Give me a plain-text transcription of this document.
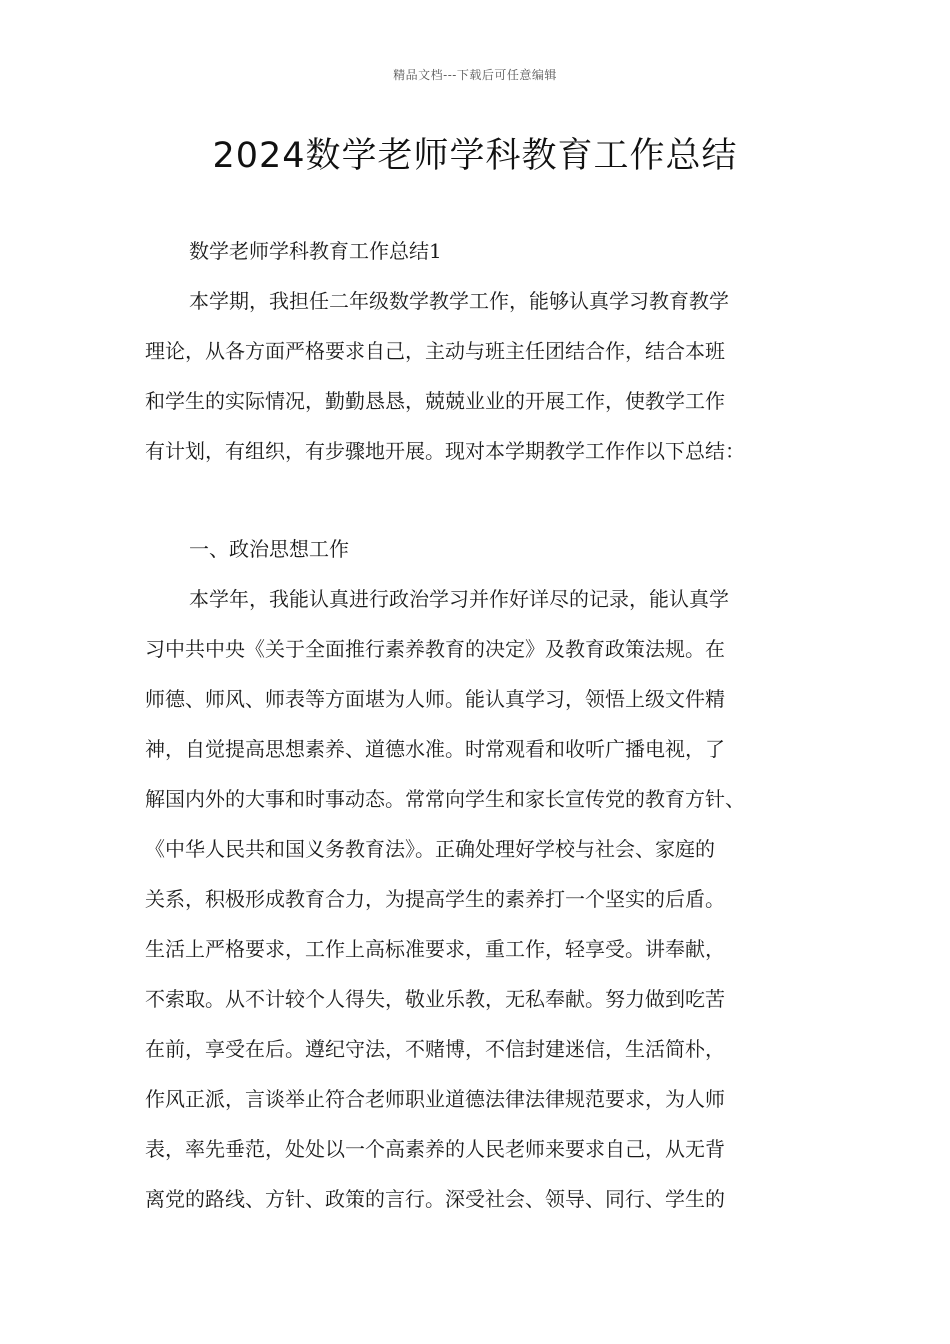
精品文档---下载后可任意编辑
2024数学老师学科教育工作总结
数学老师学科教育工作总结1
本学期，我担任二年级数学教学工作，能够认真学习教育教学
理论，从各方面严格要求自己，主动与班主任团结合作，结合本班
和学生的实际情况，勤勤恳恳，兢兢业业的开展工作，使教学工作
有计划，有组织，有步骤地开展。现对本学期教学工作作以下总结：
一、政治思想工作
本学年，我能认真进行政治学习并作好详尽的记录，能认真学
习中共中央《关于全面推行素养教育的决定》及教育政策法规。在
师德、师风、师表等方面堪为人师。能认真学习，领悟上级文件精
神，自觉提高思想素养、道德水准。时常观看和收听广播电视，了
解国内外的大事和时事动态。常常向学生和家长宣传党的教育方针、
《中华人民共和国义务教育法》。正确处理好学校与社会、家庭的
关系，积极形成教育合力，为提高学生的素养打一个坚实的后盾。
生活上严格要求，工作上高标准要求，重工作，轻享受。讲奉献，
不索取。从不计较个人得失，敬业乐教，无私奉献。努力做到吃苦
在前，享受在后。遵纪守法，不赌博，不信封建迷信，生活简朴，
作风正派，言谈举止符合老师职业道德法律法律规范要求，为人师
表，率先垂范，处处以一个高素养的人民老师来要求自己，从无背
离党的路线、方针、政策的言行。深受社会、领导、同行、学生的
